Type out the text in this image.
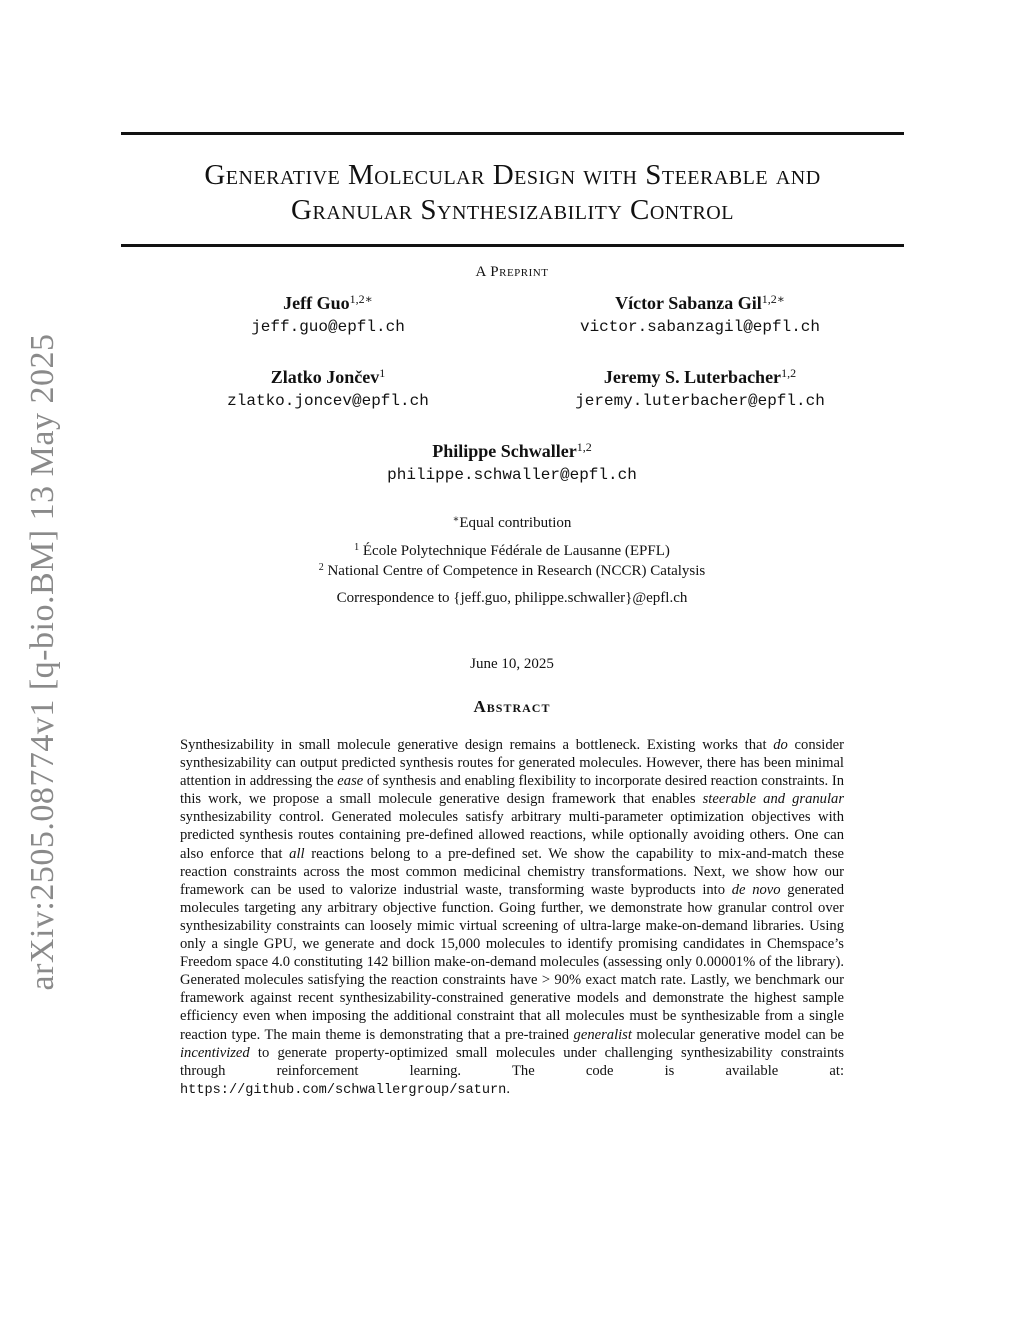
arXiv:2505.08774v1 [q-bio.BM] 13 May 2025
Generative Molecular Design with Steerable and
Granular Synthesizability Control
A Preprint
Jeff Guo$^{1,2∗}$
jeff.guo@epfl.ch
Víctor Sabanza Gil$^{1,2∗}$
victor.sabanzagil@epfl.ch
Zlatko Jončev$^1$
zlatko.joncev@epfl.ch
Jeremy S. Luterbacher$^{1,2}$
jeremy.luterbacher@epfl.ch
Philippe Schwaller$^{1,2}$
philippe.schwaller@epfl.ch
∗Equal contribution
$^1$ École Polytechnique Fédérale de Lausanne (EPFL)
$^2$ National Centre of Competence in Research (NCCR) Catalysis
Correspondence to {jeff.guo, philippe.schwaller}@epfl.ch
June 10, 2025
Abstract
Synthesizability in small molecule generative design remains a bottleneck. Existing works that do consider synthesizability can output predicted synthesis routes for generated molecules. However, there has been minimal attention in addressing the ease of synthesis and enabling flexibility to incorporate desired reaction constraints. In this work, we propose a small molecule generative design framework that enables steerable and granular synthesizability control. Generated molecules satisfy arbitrary multi-parameter optimization objectives with predicted synthesis routes containing pre-defined allowed reactions, while optionally avoiding others. One can also enforce that all reactions belong to a pre-defined set. We show the capability to mix-and-match these reaction constraints across the most common medicinal chemistry transformations. Next, we show how our framework can be used to valorize industrial waste, transforming waste byproducts into de novo generated molecules targeting any arbitrary objective function. Going further, we demonstrate how granular control over synthesizability constraints can loosely mimic virtual screening of ultra-large make-on-demand libraries. Using only a single GPU, we generate and dock 15,000 molecules to identify promising candidates in Chemspace’s Freedom space 4.0 constituting 142 billion make-on-demand molecules (assessing only 0.00001% of the library). Generated molecules satisfying the reaction constraints have > 90% exact match rate. Lastly, we benchmark our framework against recent synthesizability-constrained generative models and demonstrate the highest sample efficiency even when imposing the additional constraint that all molecules must be synthesizable from a single reaction type. The main theme is demonstrating that a pre-trained generalist molecular generative model can be incentivized to generate property-optimized small molecules under challenging synthesizability constraints through reinforcement learning. The code is available at: https://github.com/schwallergroup/saturn.
